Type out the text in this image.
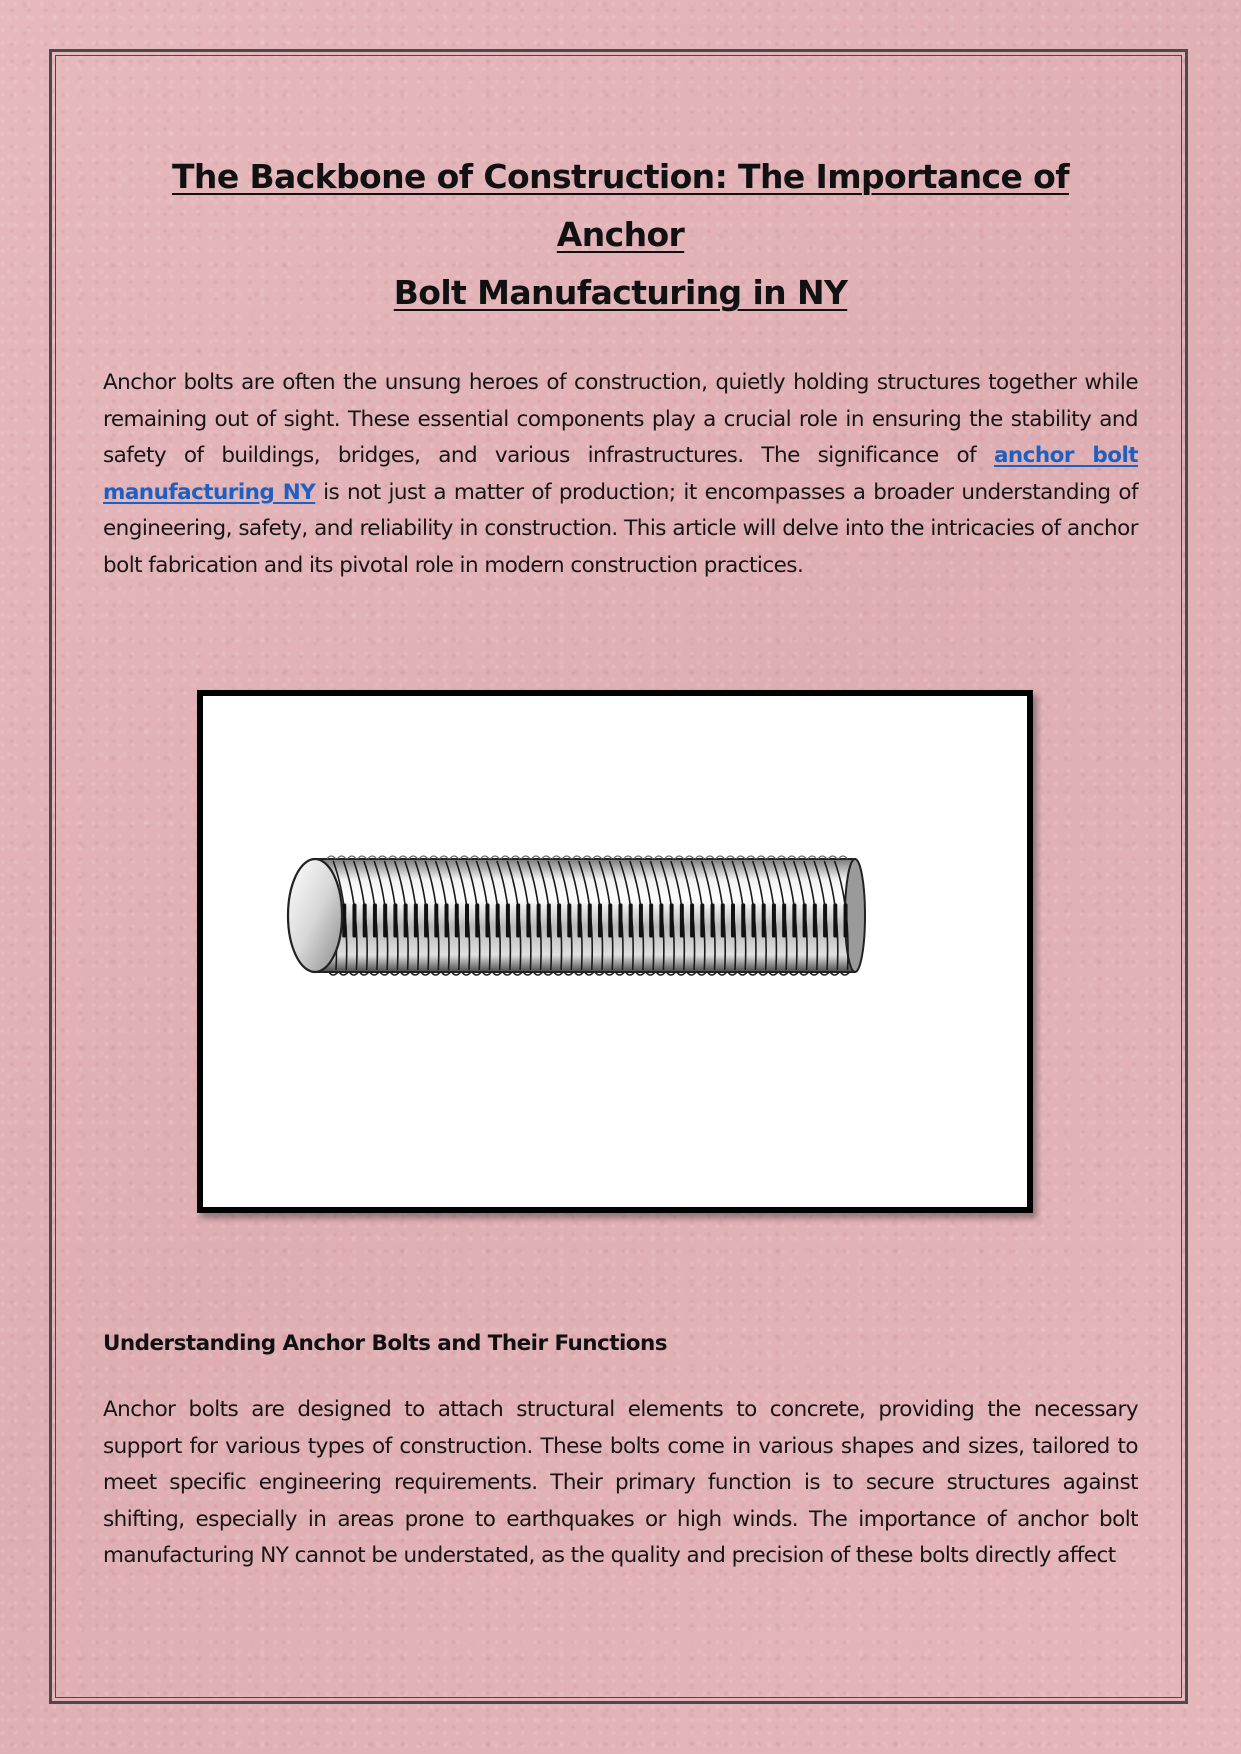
The Backbone of Construction: The Importance of Anchor
Bolt Manufacturing in NY

Anchor bolts are often the unsung heroes of construction, quietly holding structures together while remaining out of sight. These essential components play a crucial role in ensuring the stability and safety of buildings, bridges, and various infrastructures. The significance of anchor bolt manufacturing NY is not just a matter of production; it encompasses a broader understanding of engineering, safety, and reliability in construction. This article will delve into the intricacies of anchor bolt fabrication and its pivotal role in modern construction practices.

Understanding Anchor Bolts and Their Functions

Anchor bolts are designed to attach structural elements to concrete, providing the necessary support for various types of construction. These bolts come in various shapes and sizes, tailored to meet specific engineering requirements. Their primary function is to secure structures against shifting, especially in areas prone to earthquakes or high winds. The importance of anchor bolt manufacturing NY cannot be understated, as the quality and precision of these bolts directly affect
